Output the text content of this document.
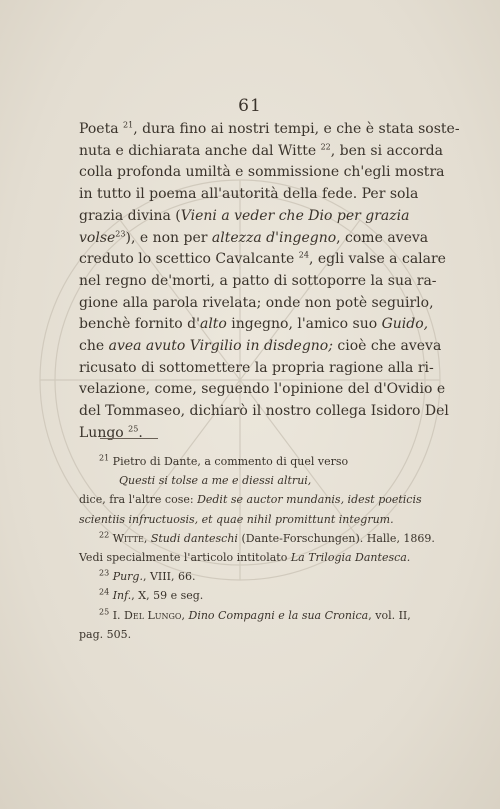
61
Poeta $^{21}$, dura fino ai nostri tempi, e che è stata soste-
nuta e dichiarata anche dal Witte $^{22}$, ben si accorda
colla profonda umiltà e sommissione ch'egli mostra
in tutto il poema all'autorità della fede. Per sola
grazia divina (Vieni a veder che Dio per grazia
volse$^{23}$), e non per altezza d'ingegno, come aveva
creduto lo scettico Cavalcante $^{24}$, egli valse a calare
nel regno de'morti, a patto di sottoporre la sua ra-
gione alla parola rivelata; onde non potè seguirlo,
benchè fornito d'alto ingegno, l'amico suo Guido,
che avea avuto Virgilio in disdegno; cioè che aveva
ricusato di sottomettere la propria ragione alla ri-
velazione, come, seguendo l'opinione del d'Ovidio e
del Tommaseo, dichiarò il nostro collega Isidoro Del
Lungo $^{25}$.
$^{21}$ Pietro di Dante, a commento di quel verso
Questi si tolse a me e diessi altrui,
dice, fra l'altre cose: Dedit se auctor mundanis, idest poeticis
scientiis infructuosis, et quae nihil promittunt integrum.
$^{22}$ Witte, Studi danteschi (Dante-Forschungen). Halle, 1869.
Vedi specialmente l'articolo intitolato La Trilogia Dantesca.
$^{23}$ Purg., VIII, 66.
$^{24}$ Inf., X, 59 e seg.
$^{25}$ I. Del Lungo, Dino Compagni e la sua Cronica, vol. II,
pag. 505.
